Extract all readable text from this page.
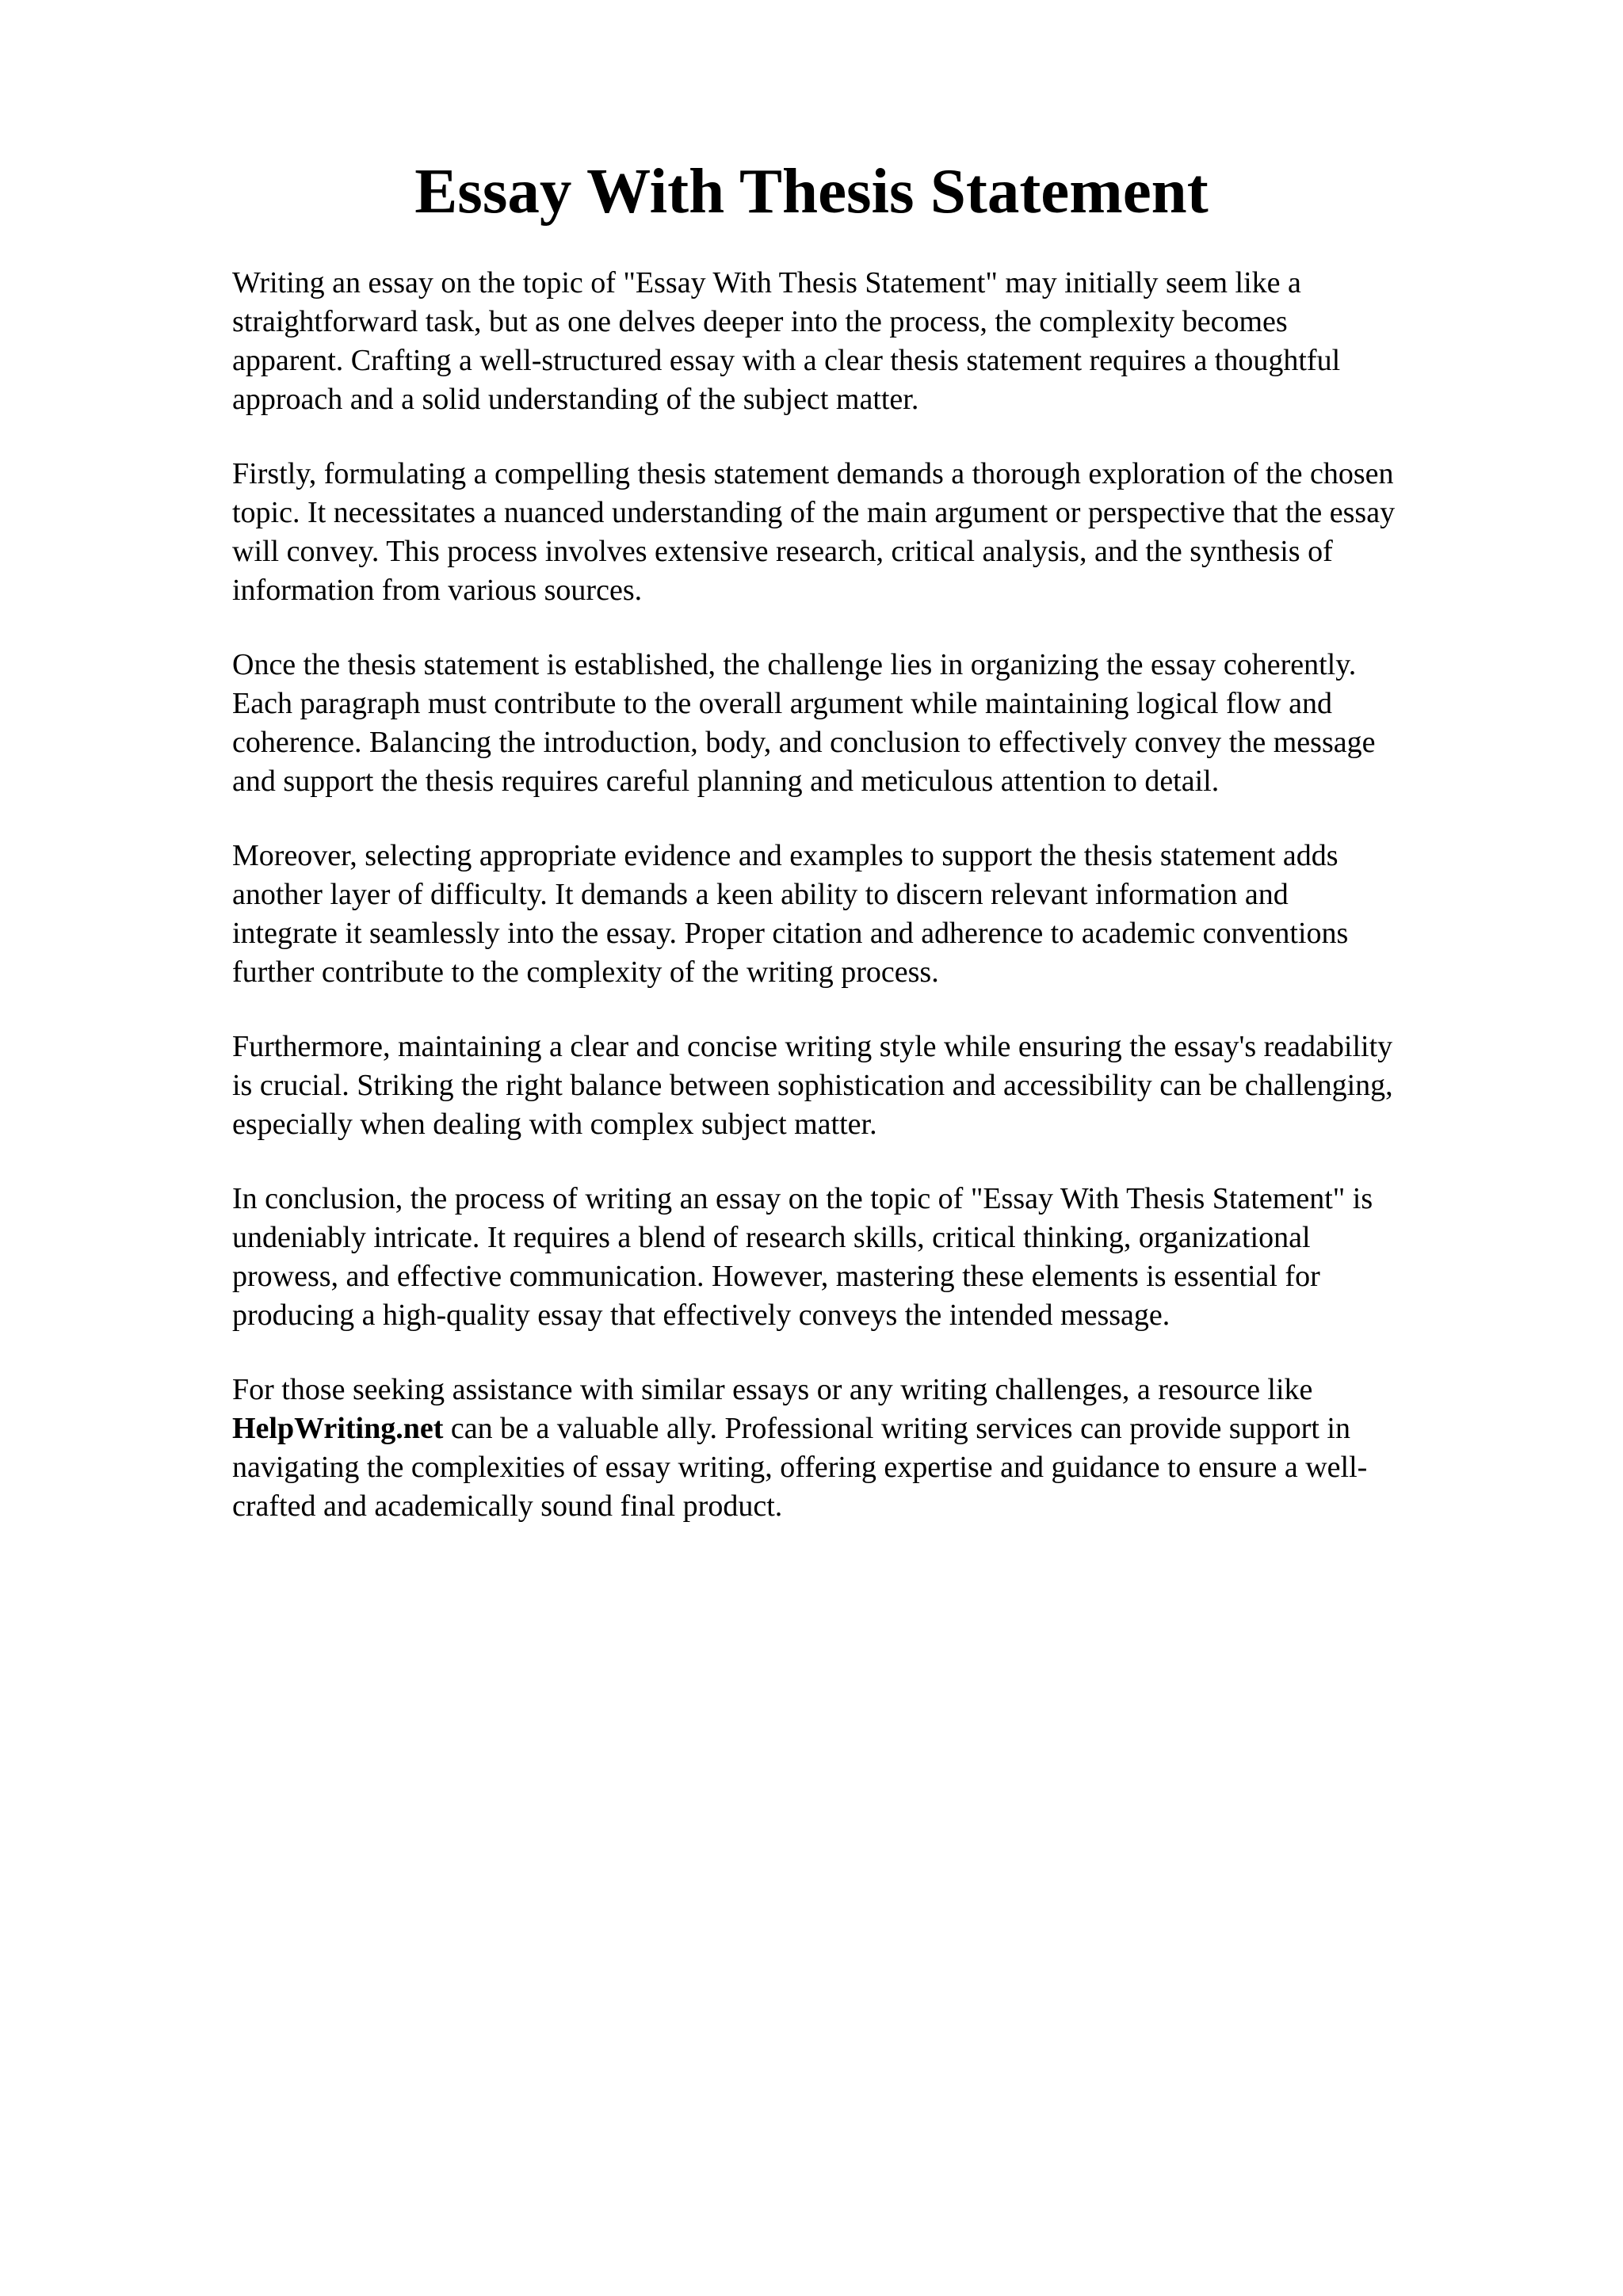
Essay With Thesis Statement

Writing an essay on the topic of "Essay With Thesis Statement" may initially seem like a
straightforward task, but as one delves deeper into the process, the complexity becomes
apparent. Crafting a well-structured essay with a clear thesis statement requires a thoughtful
approach and a solid understanding of the subject matter.

Firstly, formulating a compelling thesis statement demands a thorough exploration of the chosen
topic. It necessitates a nuanced understanding of the main argument or perspective that the essay
will convey. This process involves extensive research, critical analysis, and the synthesis of
information from various sources.

Once the thesis statement is established, the challenge lies in organizing the essay coherently.
Each paragraph must contribute to the overall argument while maintaining logical flow and
coherence. Balancing the introduction, body, and conclusion to effectively convey the message
and support the thesis requires careful planning and meticulous attention to detail.

Moreover, selecting appropriate evidence and examples to support the thesis statement adds
another layer of difficulty. It demands a keen ability to discern relevant information and
integrate it seamlessly into the essay. Proper citation and adherence to academic conventions
further contribute to the complexity of the writing process.

Furthermore, maintaining a clear and concise writing style while ensuring the essay's readability
is crucial. Striking the right balance between sophistication and accessibility can be challenging,
especially when dealing with complex subject matter.

In conclusion, the process of writing an essay on the topic of "Essay With Thesis Statement" is
undeniably intricate. It requires a blend of research skills, critical thinking, organizational
prowess, and effective communication. However, mastering these elements is essential for
producing a high-quality essay that effectively conveys the intended message.

For those seeking assistance with similar essays or any writing challenges, a resource like
HelpWriting.net can be a valuable ally. Professional writing services can provide support in
navigating the complexities of essay writing, offering expertise and guidance to ensure a well-
crafted and academically sound final product.
